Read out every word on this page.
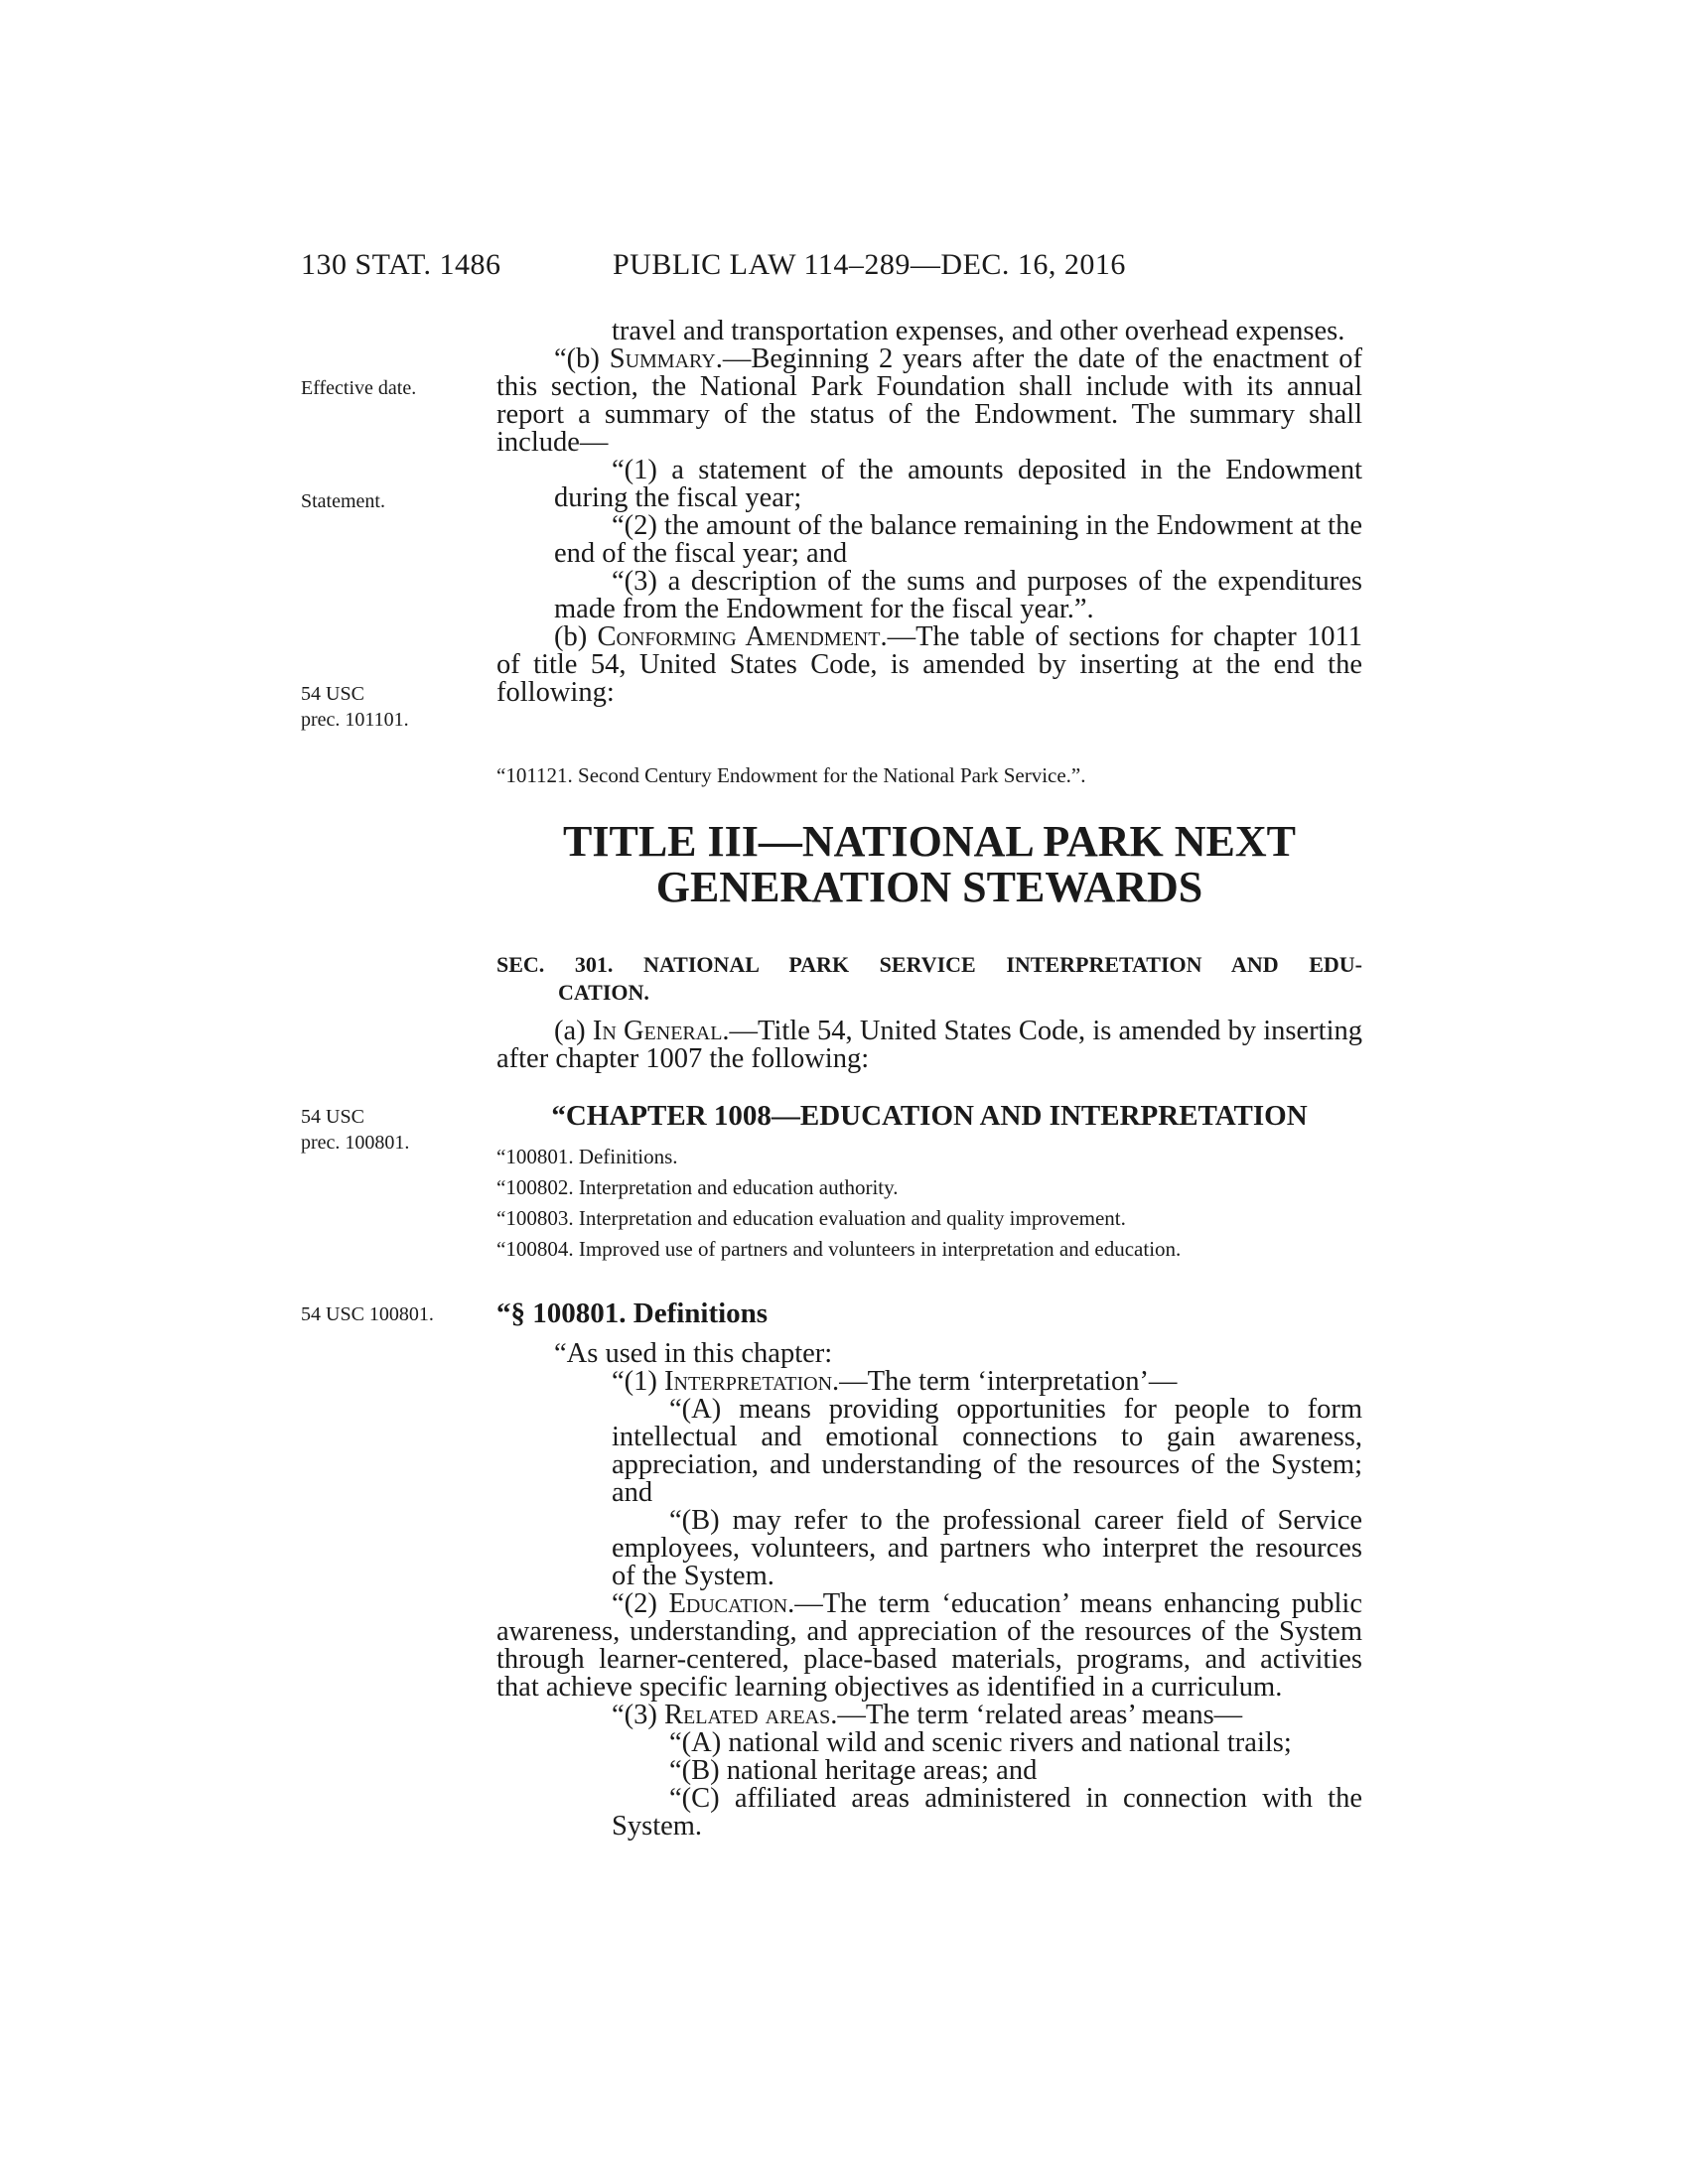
130 STAT. 1486	PUBLIC LAW 114–289—DEC. 16, 2016
Effective date.
Statement.
54 USC
prec. 101101.
54 USC
prec. 100801.
54 USC 100801.

travel and transportation expenses, and other overhead expenses.

“(b) Summary.—Beginning 2 years after the date of the enactment of this section, the National Park Foundation shall include with its annual report a summary of the status of the Endowment. The summary shall include—

“(1) a statement of the amounts deposited in the Endowment during the fiscal year;

“(2) the amount of the balance remaining in the Endowment at the end of the fiscal year; and

“(3) a description of the sums and purposes of the expenditures made from the Endowment for the fiscal year.”.

(b) Conforming Amendment.—The table of sections for chapter 1011 of title 54, United States Code, is amended by inserting at the end the following:

“101121. Second Century Endowment for the National Park Service.”.
TITLE III—NATIONAL PARK NEXT
GENERATION STEWARDS
SEC. 301. NATIONAL PARK SERVICE INTERPRETATION AND EDU-
CATION.

(a) In General.—Title 54, United States Code, is amended by inserting after chapter 1007 the following:

“CHAPTER 1008—EDUCATION AND INTERPRETATION
“100801. Definitions.
“100802. Interpretation and education authority.
“100803. Interpretation and education evaluation and quality improvement.
“100804. Improved use of partners and volunteers in interpretation and education.
“§ 100801. Definitions

“As used in this chapter:

“(1) Interpretation.—The term ‘interpretation’—

“(A) means providing opportunities for people to form intellectual and emotional connections to gain awareness, appreciation, and understanding of the resources of the System; and

“(B) may refer to the professional career field of Service employees, volunteers, and partners who interpret the resources of the System.

“(2) Education.—The term ‘education’ means enhancing public awareness, understanding, and appreciation of the resources of the System through learner-centered, place-based materials, programs, and activities that achieve specific learning objectives as identified in a curriculum.

“(3) Related areas.—The term ‘related areas’ means—

“(A) national wild and scenic rivers and national trails;

“(B) national heritage areas; and

“(C) affiliated areas administered in connection with the System.
